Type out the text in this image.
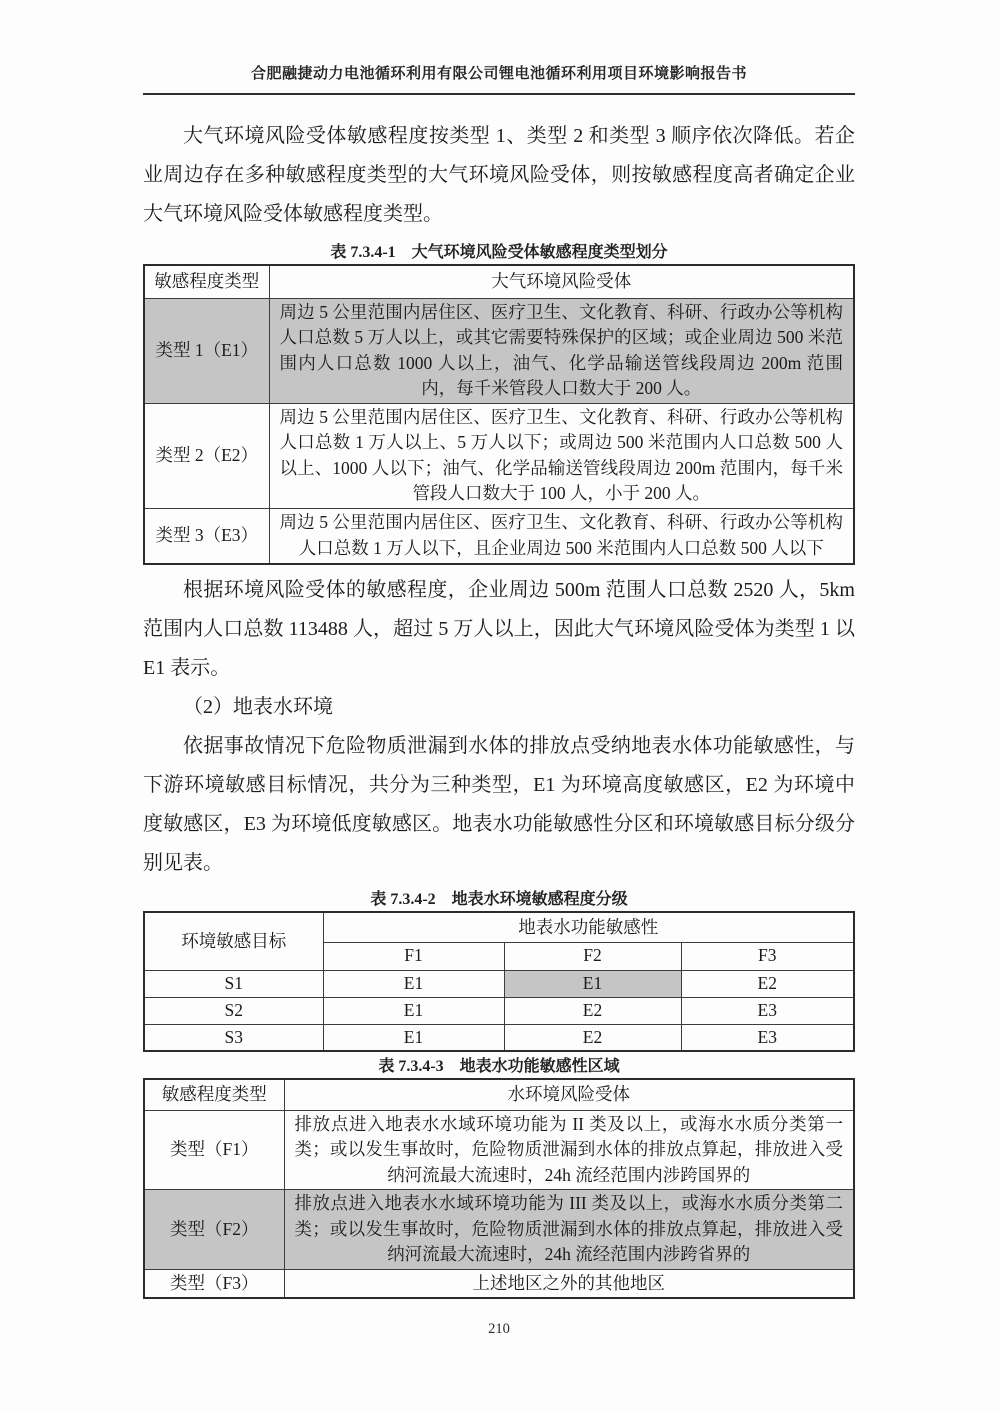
合肥融捷动力电池循环利用有限公司锂电池循环利用项目环境影响报告书

大气环境风险受体敏感程度按类型 1、类型 2 和类型 3 顺序依次降低。若企业周边存在多种敏感程度类型的大气环境风险受体，则按敏感程度高者确定企业大气环境风险受体敏感程度类型。

表 7.3.4-1　大气环境风险受体敏感程度类型划分
敏感程度类型	大气环境风险受体
类型 1（E1）	周边 5 公里范围内居住区、医疗卫生、文化教育、科研、行政办公等机构人口总数 5 万人以上，或其它需要特殊保护的区域；或企业周边 500 米范围内人口总数 1000 人以上，油气、化学品输送管线段周边 200m 范围内，每千米管段人口数大于 200 人。
类型 2（E2）	周边 5 公里范围内居住区、医疗卫生、文化教育、科研、行政办公等机构人口总数 1 万人以上、5 万人以下；或周边 500 米范围内人口总数 500 人以上、1000 人以下；油气、化学品输送管线段周边 200m 范围内，每千米管段人口数大于 100 人，小于 200 人。
类型 3（E3）	周边 5 公里范围内居住区、医疗卫生、文化教育、科研、行政办公等机构人口总数 1 万人以下，且企业周边 500 米范围内人口总数 500 人以下

根据环境风险受体的敏感程度，企业周边 500m 范围人口总数 2520 人，5km 范围内人口总数 113488 人，超过 5 万人以上，因此大气环境风险受体为类型 1 以 E1 表示。

（2）地表水环境

依据事故情况下危险物质泄漏到水体的排放点受纳地表水体功能敏感性，与下游环境敏感目标情况，共分为三种类型，E1 为环境高度敏感区，E2 为环境中度敏感区，E3 为环境低度敏感区。地表水功能敏感性分区和环境敏感目标分级分别见表。

表 7.3.4-2　地表水环境敏感程度分级
环境敏感目标	地表水功能敏感性		
	F1	F2	F3
S1	E1	E1	E2
S2	E1	E2	E3
S3	E1	E2	E3
表 7.3.4-3　地表水功能敏感性区域
敏感程度类型	水环境风险受体
类型（F1）	排放点进入地表水水域环境功能为 II 类及以上，或海水水质分类第一类；或以发生事故时，危险物质泄漏到水体的排放点算起，排放进入受纳河流最大流速时，24h 流经范围内涉跨国界的
类型（F2）	排放点进入地表水水域环境功能为 III 类及以上，或海水水质分类第二类；或以发生事故时，危险物质泄漏到水体的排放点算起，排放进入受纳河流最大流速时，24h 流经范围内涉跨省界的
类型（F3）	上述地区之外的其他地区
210
